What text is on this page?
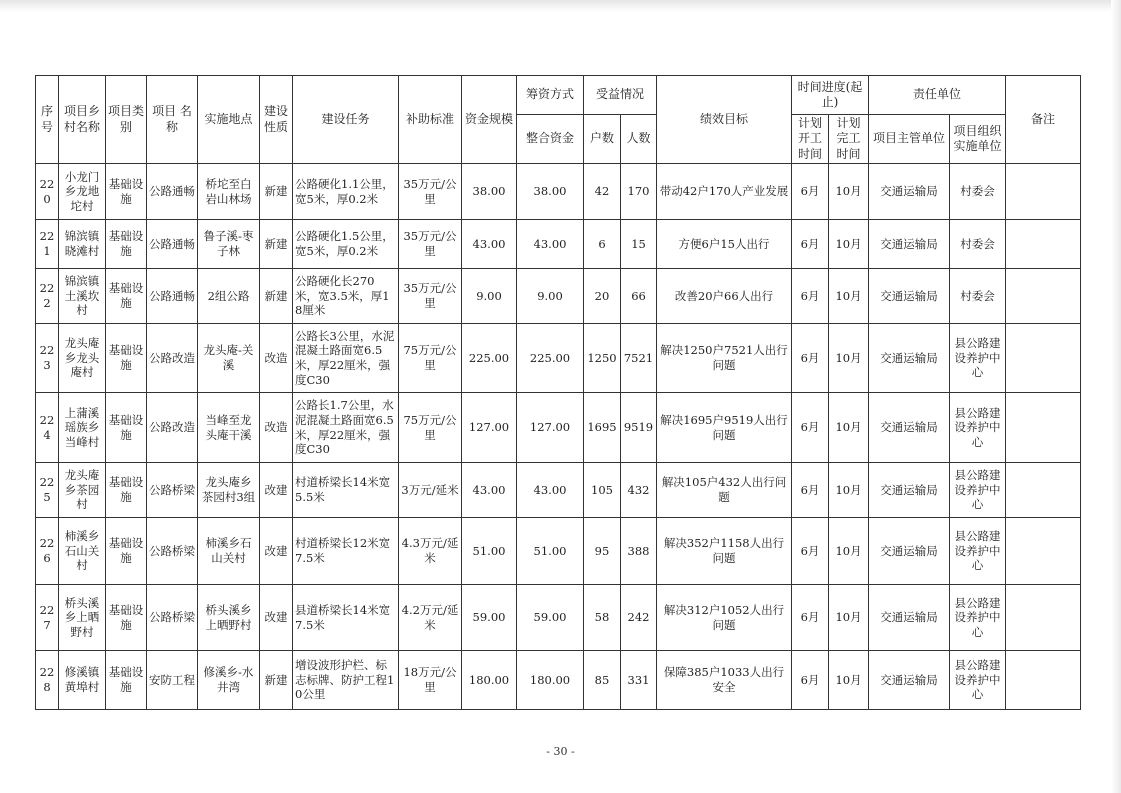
序号	项目乡村名称	项目类别	项目 名称	实施地点	建设性质	建设任务	补助标准	资金规模	筹资方式	受益情况		绩效目标	时间进度(起止)		责任单位		备注
									整合资金	户数	人数		计划开工时间	计划完工时间	项目主管单位	项目组织实施单位	
220	小龙门乡龙地坨村	基础设施	公路通畅	桥坨至白岩山林场	新建	公路硬化1.1公里，宽5米，厚0.2米	35万元/公里	38.00	38.00	42	170	带动42户170人产业发展	6月	10月	交通运输局	村委会	
221	锦滨镇晓滩村	基础设施	公路通畅	鲁子溪-枣子林	新建	公路硬化1.5公里，宽5米，厚0.2米	35万元/公里	43.00	43.00	6	15	方便6户15人出行	6月	10月	交通运输局	村委会	
222	锦滨镇土溪坎村	基础设施	公路通畅	2组公路	新建	公路硬化长270米，宽3.5米，厚18厘米	35万元/公里	9.00	9.00	20	66	改善20户66人出行	6月	10月	交通运输局	村委会	
223	龙头庵乡龙头庵村	基础设施	公路改造	龙头庵-关溪	改造	公路长3公里，水泥混凝土路面宽6.5米，厚22厘米，强度C30	75万元/公里	225.00	225.00	1250	7521	解决1250户7521人出行问题	6月	10月	交通运输局	县公路建设养护中心	
224	上蒲溪瑶族乡当峰村	基础设施	公路改造	当峰至龙头庵干溪	改造	公路长1.7公里，水泥混凝土路面宽6.5米，厚22厘米，强度C30	75万元/公里	127.00	127.00	1695	9519	解决1695户9519人出行问题	6月	10月	交通运输局	县公路建设养护中心	
225	龙头庵乡茶园村	基础设施	公路桥梁	龙头庵乡茶园村3组	改建	村道桥梁长14米宽5.5米	3万元/延米	43.00	43.00	105	432	解决105户432人出行问题	6月	10月	交通运输局	县公路建设养护中心	
226	柿溪乡石山关村	基础设施	公路桥梁	柿溪乡石山关村	改建	村道桥梁长12米宽7.5米	4.3万元/延米	51.00	51.00	95	388	解决352户1158人出行问题	6月	10月	交通运输局	县公路建设养护中心	
227	桥头溪乡上晒野村	基础设施	公路桥梁	桥头溪乡上晒野村	改建	县道桥梁长14米宽7.5米	4.2万元/延米	59.00	59.00	58	242	解决312户1052人出行问题	6月	10月	交通运输局	县公路建设养护中心	
228	修溪镇黄埠村	基础设施	安防工程	修溪乡-水井湾	新建	增设波形护栏、标志标牌、防护工程10公里	18万元/公里	180.00	180.00	85	331	保障385户1033人出行安全	6月	10月	交通运输局	县公路建设养护中心	
- 30 -
